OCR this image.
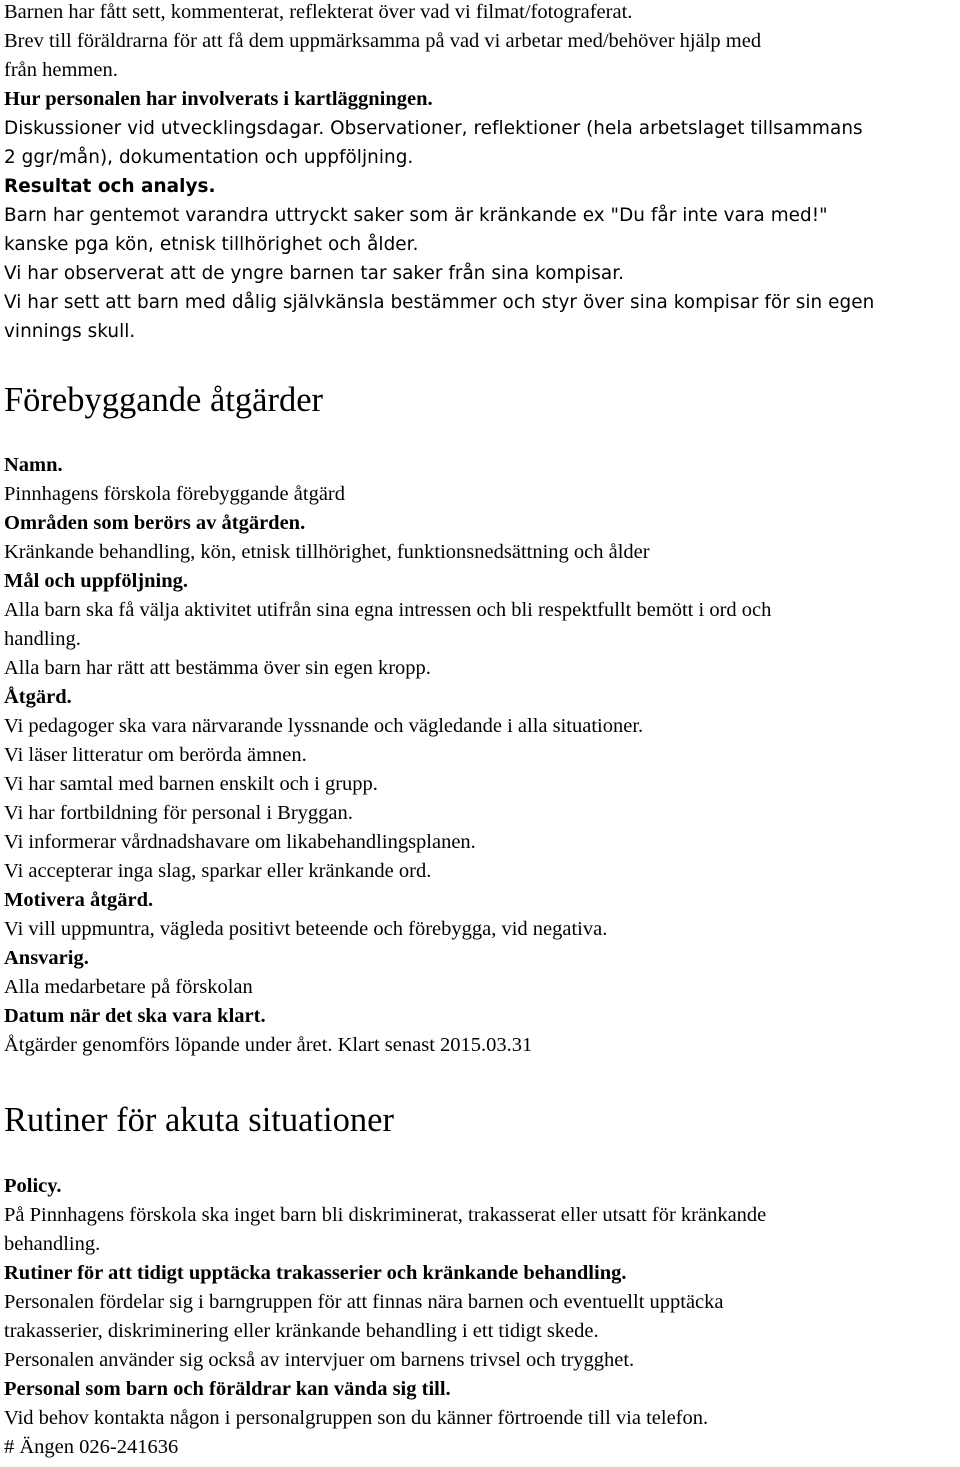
Barnen har fått sett, kommenterat, reflekterat över vad vi filmat/fotograferat.
Brev till föräldrarna för att få dem uppmärksamma på vad vi arbetar med/behöver hjälp med
från hemmen.
Hur personalen har involverats i kartläggningen.
Diskussioner vid utvecklingsdagar. Observationer, reflektioner (hela arbetslaget tillsammans
2 ggr/mån), dokumentation och uppföljning.
Resultat och analys.
Barn har gentemot varandra uttryckt saker som är kränkande ex "Du får inte vara med!"
kanske pga kön, etnisk tillhörighet och ålder.
Vi har observerat att de yngre barnen tar saker från sina kompisar.
Vi har sett att barn med dålig självkänsla bestämmer och styr över sina kompisar för sin egen
vinnings skull.
Förebyggande åtgärder
Namn.
Pinnhagens förskola förebyggande åtgärd
Områden som berörs av åtgärden.
Kränkande behandling, kön, etnisk tillhörighet, funktionsnedsättning och ålder
Mål och uppföljning.
Alla barn ska få välja aktivitet utifrån sina egna intressen och bli respektfullt bemött i ord och
handling.
Alla barn har rätt att bestämma över sin egen kropp.
Åtgärd.
Vi pedagoger ska vara närvarande lyssnande och vägledande i alla situationer.
Vi läser litteratur om berörda ämnen.
Vi har samtal med barnen enskilt och i grupp.
Vi har fortbildning för personal i Bryggan.
Vi informerar vårdnadshavare om likabehandlingsplanen.
Vi accepterar inga slag, sparkar eller kränkande ord.
Motivera åtgärd.
Vi vill uppmuntra, vägleda positivt beteende och förebygga, vid negativa.
Ansvarig.
Alla medarbetare på förskolan
Datum när det ska vara klart.
Åtgärder genomförs löpande under året. Klart senast 2015.03.31
Rutiner för akuta situationer
Policy.
På Pinnhagens förskola ska inget barn bli diskriminerat, trakasserat eller utsatt för kränkande
behandling.
Rutiner för att tidigt upptäcka trakasserier och kränkande behandling.
Personalen fördelar sig i barngruppen för att finnas nära barnen och eventuellt upptäcka
trakasserier, diskriminering eller kränkande behandling i ett tidigt skede.
Personalen använder sig också av intervjuer om barnens trivsel och trygghet.
Personal som barn och föräldrar kan vända sig till.
Vid behov kontakta någon i personalgruppen son du känner förtroende till via telefon.
# Ängen 026-241636
